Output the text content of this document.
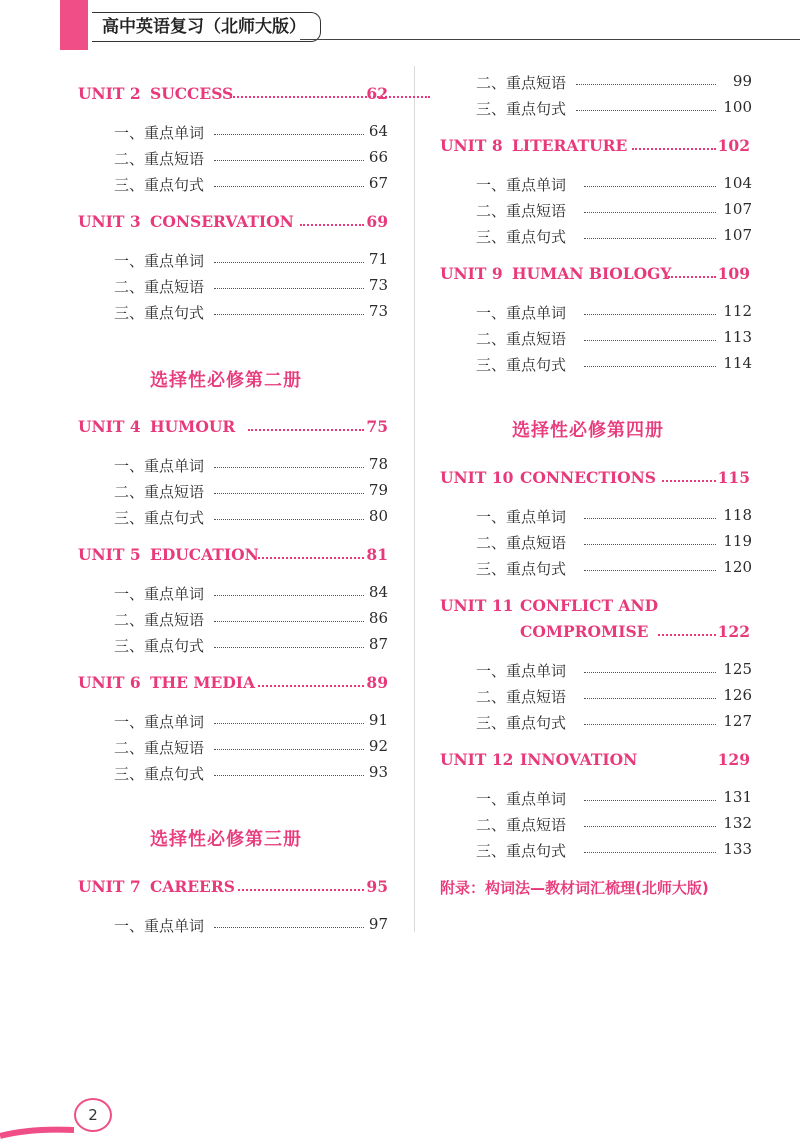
高中英语复习（北师大版）
UNIT 2 SUCCESS	62
一、重点单词	64
二、重点短语	66
三、重点句式	67
UNIT 3 CONSERVATION	69
一、重点单词	71
二、重点短语	73
三、重点句式	73
选择性必修第二册
UNIT 4 HUMOUR	75
一、重点单词	78
二、重点短语	79
三、重点句式	80
UNIT 5 EDUCATION	81
一、重点单词	84
二、重点短语	86
三、重点句式	87
UNIT 6 THE MEDIA	89
一、重点单词	91
二、重点短语	92
三、重点句式	93
选择性必修第三册
UNIT 7 CAREERS	95
一、重点单词	97
二、重点短语	99
三、重点句式	100
UNIT 8 LITERATURE	102
一、重点单词	104
二、重点短语	107
三、重点句式	107
UNIT 9 HUMAN BIOLOGY	109
一、重点单词	112
二、重点短语	113
三、重点句式	114
选择性必修第四册
UNIT 10 CONNECTIONS	115
一、重点单词	118
二、重点短语	119
三、重点句式	120
UNIT 11 CONFLICT AND
COMPROMISE	122
一、重点单词	125
二、重点短语	126
三、重点句式	127
UNIT 12 INNOVATION	129
一、重点单词	131
二、重点短语	132
三、重点句式	133
附录：构词法—教材词汇梳理(北师大版)
2
